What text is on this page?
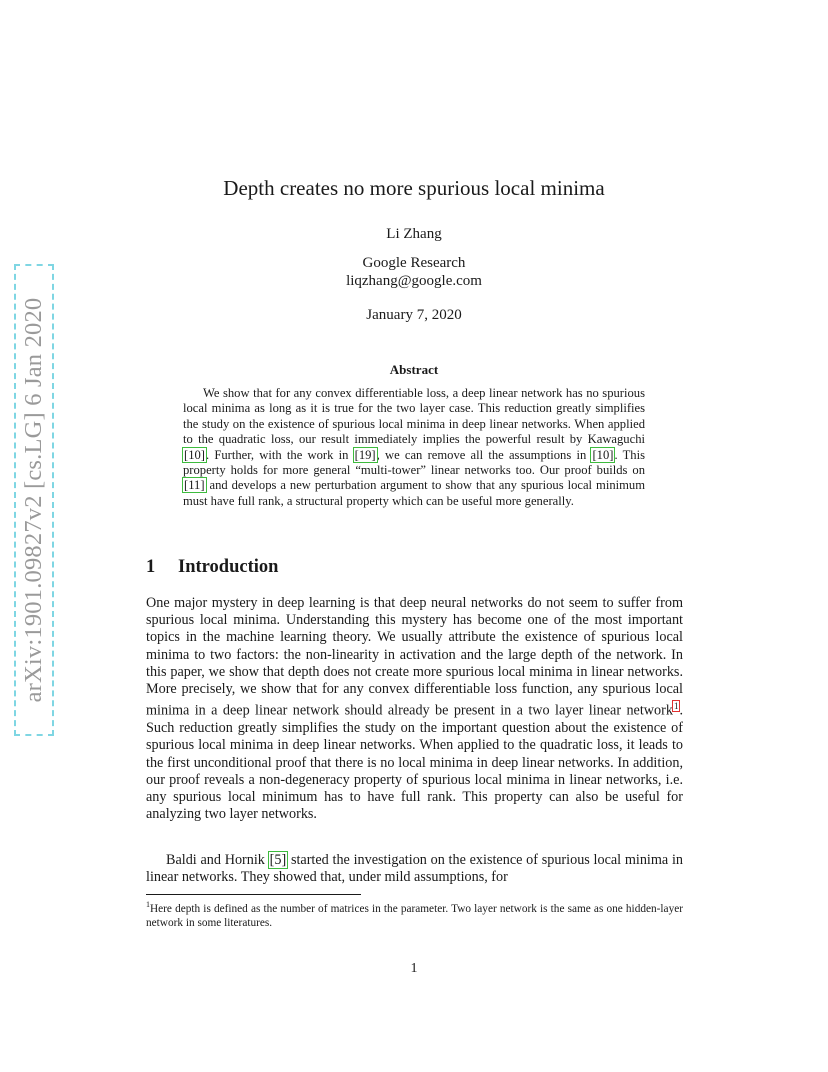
arXiv:1901.09827v2 [cs.LG] 6 Jan 2020
Depth creates no more spurious local minima
Li Zhang
Google Research
liqzhang@google.com
January 7, 2020
Abstract
We show that for any convex differentiable loss, a deep linear network has no spurious local minima as long as it is true for the two layer case. This reduction greatly simplifies the study on the existence of spurious local minima in deep linear networks. When applied to the quadratic loss, our result immediately implies the powerful result by Kawaguchi [10]. Further, with the work in [19], we can remove all the assumptions in [10]. This property holds for more general “multi-tower” linear networks too. Our proof builds on [11] and develops a new perturbation argument to show that any spurious local minimum must have full rank, a structural property which can be useful more generally.
1 Introduction
One major mystery in deep learning is that deep neural networks do not seem to suffer from spurious local minima. Understanding this mystery has become one of the most important topics in the machine learning theory. We usually attribute the existence of spurious local minima to two factors: the non-linearity in activation and the large depth of the network. In this paper, we show that depth does not create more spurious local minima in linear networks. More precisely, we show that for any convex differentiable loss function, any spurious local minima in a deep linear network should already be present in a two layer linear network$^1$. Such reduction greatly simplifies the study on the important question about the existence of spurious local minima in deep linear networks. When applied to the quadratic loss, it leads to the first unconditional proof that there is no local minima in deep linear networks. In addition, our proof reveals a non-degeneracy property of spurious local minima in linear networks, i.e. any spurious local minimum has to have full rank. This property can also be useful for analyzing two layer networks.
Baldi and Hornik [5] started the investigation on the existence of spurious local minima in linear networks. They showed that, under mild assumptions, for
$^1$Here depth is defined as the number of matrices in the parameter. Two layer network is the same as one hidden-layer network in some literatures.
1
